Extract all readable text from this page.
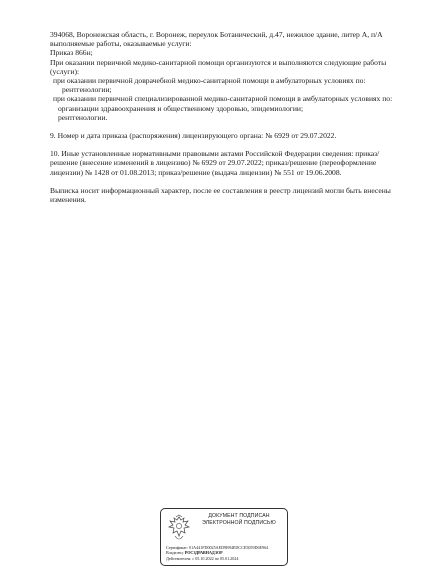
394068, Воронежская область, г. Воронеж, переулок Ботанический, д.47, нежилое здание, литер А, п/А

выполняемые работы, оказываемые услуги:

Приказ 866н;

При оказании первичной медико-санитарной помощи организуются и выполняются следующие работы (услуги):

при оказании первичной доврачебной медико-санитарной помощи в амбулаторных условиях по:

рентгенологии;

при оказании первичной специализированной медико-санитарной помощи в амбулаторных условиях по:

организации здравоохранения и общественному здоровью, эпидемиологии;

рентгенологии.

9. Номер и дата приказа (распоряжения) лицензирующего органа: № 6929 от 29.07.2022.

10. Иные установленные нормативными правовыми актами Российской Федерации сведения: приказ/решение (внесение изменений в лицензию) № 6929 от 29.07.2022; приказ/решение (переоформление лицензии) № 1428 от 01.08.2013; приказ/решение (выдача лицензии) № 551 от 19.06.2008.

Выписка носит информационный характер, после ее составления в реестр лицензий могли быть внесены изменения.

ДОКУМЕНТ ПОДПИСАН
ЭЛЕКТРОННОЙ ПОДПИСЬЮ
Сертификат: 01A441FD0025AED9B94EDCCE5059D6E964
Владелец: РОСЗДРАВНАДЗОР
Действителен: с 05.10.2022 по 05.01.2024
